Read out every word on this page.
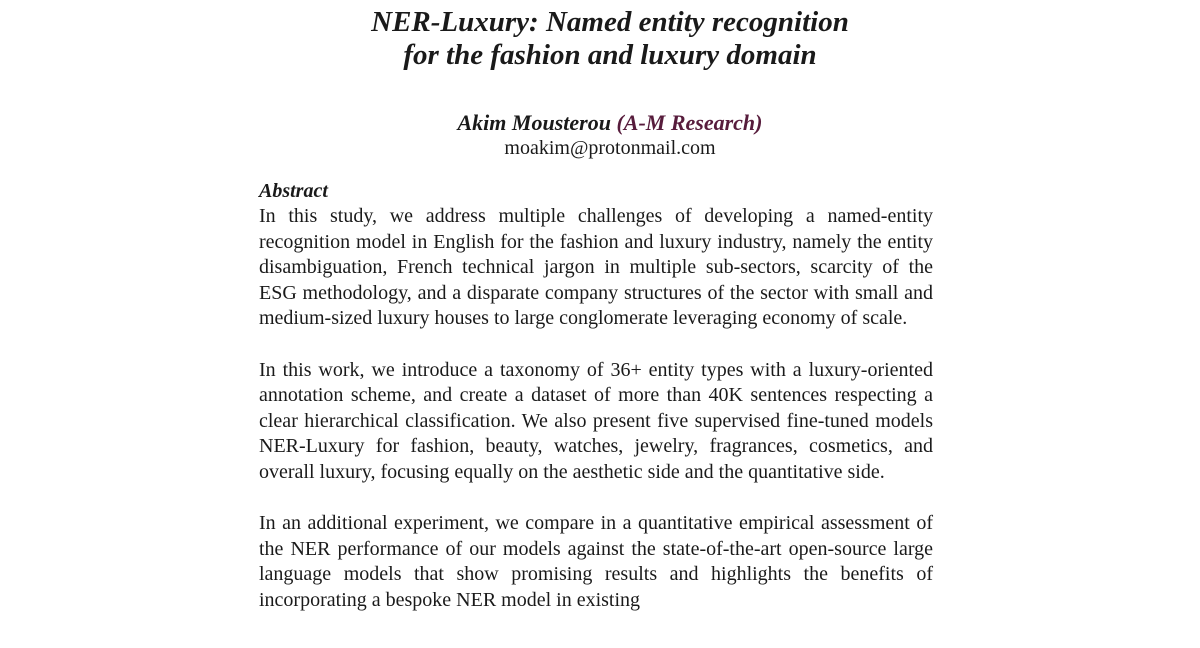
NER-Luxury: Named entity recognition
for the fashion and luxury domain
Akim Mousterou (A-M Research)
moakim@protonmail.com
Abstract

In this study, we address multiple challenges of developing a named-entity recognition model in English for the fashion and luxury industry, namely the entity disambiguation, French technical jargon in multiple sub-sectors, scarcity of the ESG methodology, and a disparate company structures of the sector with small and medium-sized luxury houses to large conglomerate leveraging economy of scale.

In this work, we introduce a taxonomy of 36+ entity types with a luxury-oriented annotation scheme, and create a dataset of more than 40K sentences respecting a clear hierarchical classification. We also present five supervised fine-tuned models NER-Luxury for fashion, beauty, watches, jewelry, fragrances, cosmetics, and overall luxury, focusing equally on the aesthetic side and the quantitative side.

In an additional experiment, we compare in a quantitative empirical assessment of the NER performance of our models against the state-of-the-art open-source large language models that show promising results and highlights the benefits of incorporating a bespoke NER model in existing
